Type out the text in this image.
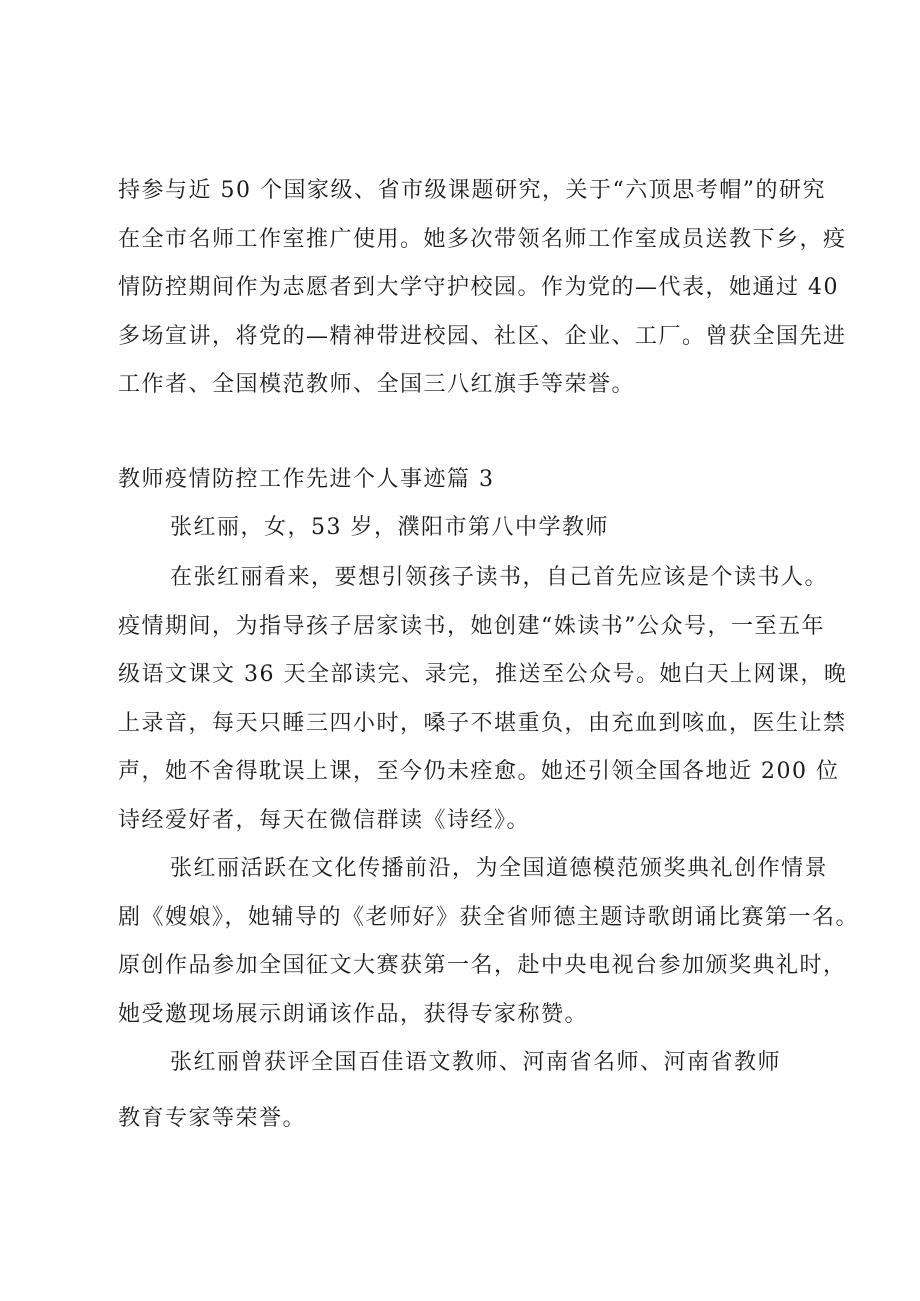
持参与近 50 个国家级、省市级课题研究，关于“六顶思考帽”的研究
在全市名师工作室推广使用。她多次带领名师工作室成员送教下乡，疫
情防控期间作为志愿者到大学守护校园。作为党的—代表，她通过 40
多场宣讲，将党的—精神带进校园、社区、企业、工厂。曾获全国先进
工作者、全国模范教师、全国三八红旗手等荣誉。
教师疫情防控工作先进个人事迹篇 3
张红丽，女，53 岁，濮阳市第八中学教师
在张红丽看来，要想引领孩子读书，自己首先应该是个读书人。
疫情期间，为指导孩子居家读书，她创建“姝读书”公众号，一至五年
级语文课文 36 天全部读完、录完，推送至公众号。她白天上网课，晚
上录音，每天只睡三四小时，嗓子不堪重负，由充血到咳血，医生让禁
声，她不舍得耽误上课，至今仍未痊愈。她还引领全国各地近 200 位
诗经爱好者，每天在微信群读《诗经》。
张红丽活跃在文化传播前沿，为全国道德模范颁奖典礼创作情景
剧《嫂娘》，她辅导的《老师好》获全省师德主题诗歌朗诵比赛第一名。
原创作品参加全国征文大赛获第一名，赴中央电视台参加颁奖典礼时，
她受邀现场展示朗诵该作品，获得专家称赞。
张红丽曾获评全国百佳语文教师、河南省名师、河南省教师
教育专家等荣誉。
